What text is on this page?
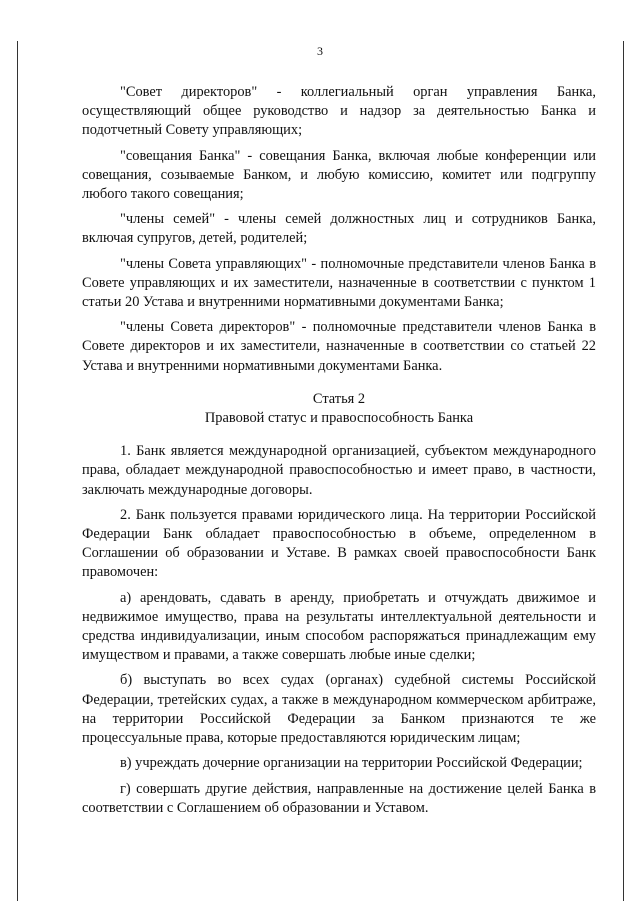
3

"Совет директоров" - коллегиальный орган управления Банка, осуществляющий общее руководство и надзор за деятельностью Банка и подотчетный Совету управляющих;

"совещания Банка" - совещания Банка, включая любые конференции или совещания, созываемые Банком, и любую комиссию, комитет или подгруппу любого такого совещания;

"члены семей" - члены семей должностных лиц и сотрудников Банка, включая супругов, детей, родителей;

"члены Совета управляющих" - полномочные представители членов Банка в Совете управляющих и их заместители, назначенные в соответствии с пунктом 1 статьи 20 Устава и внутренними нормативными документами Банка;

"члены Совета директоров" - полномочные представители членов Банка в Совете директоров и их заместители, назначенные в соответствии со статьей 22 Устава и внутренними нормативными документами Банка.

Статья 2
Правовой статус и правоспособность Банка

1. Банк является международной организацией, субъектом международного права, обладает международной правоспособностью и имеет право, в частности, заключать международные договоры.

2. Банк пользуется правами юридического лица. На территории Российской Федерации Банк обладает правоспособностью в объеме, определенном в Соглашении об образовании и Уставе. В рамках своей правоспособности Банк правомочен:

а) арендовать, сдавать в аренду, приобретать и отчуждать движимое и недвижимое имущество, права на результаты интеллектуальной деятельности и средства индивидуализации, иным способом распоряжаться принадлежащим ему имуществом и правами, а также совершать любые иные сделки;

б) выступать во всех судах (органах) судебной системы Российской Федерации, третейских судах, а также в международном коммерческом арбитраже, на территории Российской Федерации за Банком признаются те же процессуальные права, которые предоставляются юридическим лицам;

в) учреждать дочерние организации на территории Российской Федерации;

г) совершать другие действия, направленные на достижение целей Банка в соответствии с Соглашением об образовании и Уставом.
